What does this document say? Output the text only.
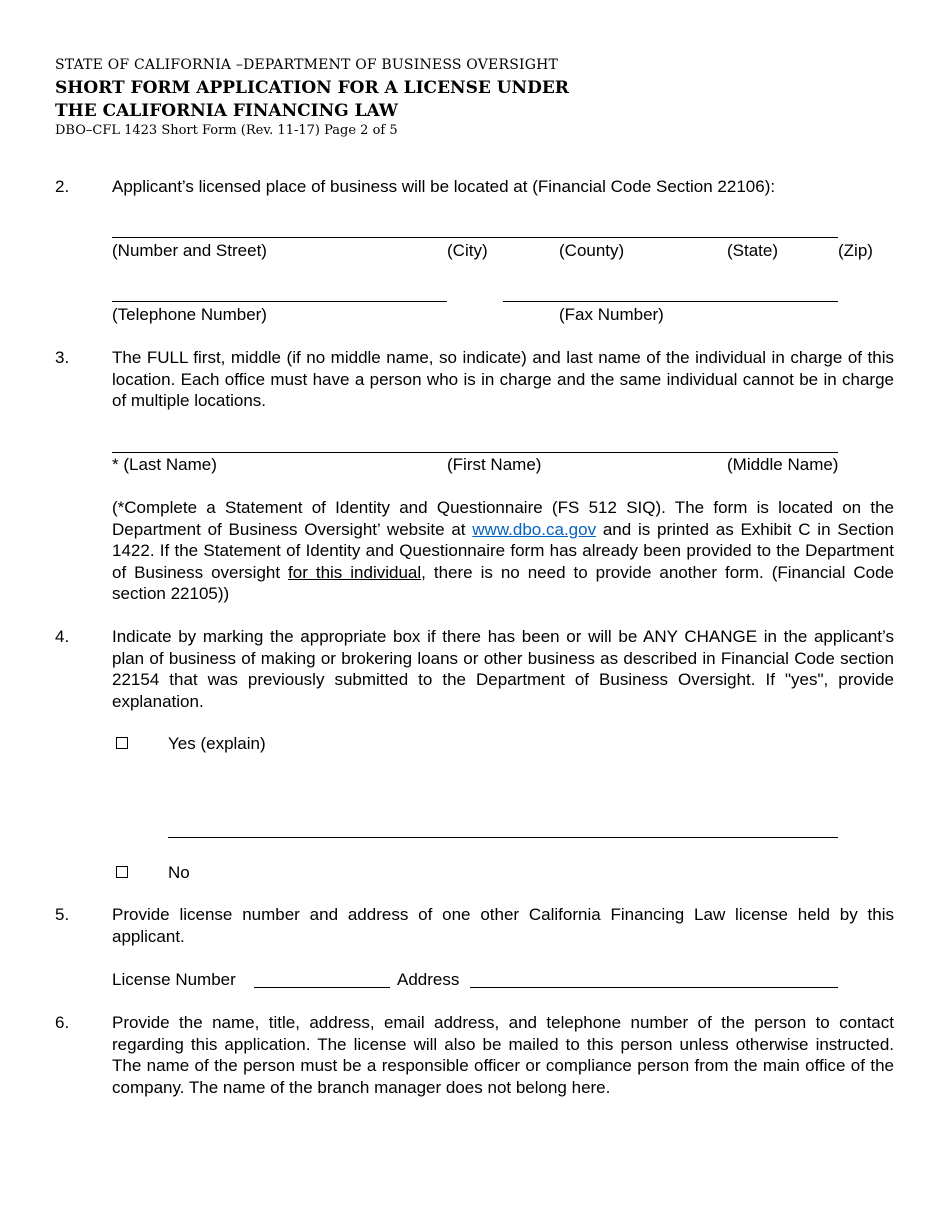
STATE OF CALIFORNIA –DEPARTMENT OF BUSINESS OVERSIGHT
SHORT FORM APPLICATION FOR A LICENSE UNDER
THE CALIFORNIA FINANCING LAW
DBO–CFL 1423 Short Form (Rev. 11-17) Page 2 of 5
2.	Applicant’s licensed place of business will be located at (Financial Code Section 22106):
(Number and Street)	(City)	(County)	(State)	(Zip)
(Telephone Number)	(Fax Number)
3.	The FULL first, middle (if no middle name, so indicate) and last name of the individual in charge of this location. Each office must have a person who is in charge and the same individual cannot be in charge of multiple locations.
* (Last Name)	(First Name)	(Middle Name)
(*Complete a Statement of Identity and Questionnaire (FS 512 SIQ). The form is located on the Department of Business Oversight’ website at www.dbo.ca.gov and is printed as Exhibit C in Section 1422. If the Statement of Identity and Questionnaire form has already been provided to the Department of Business oversight for this individual, there is no need to provide another form. (Financial Code section 22105))
4.	Indicate by marking the appropriate box if there has been or will be ANY CHANGE in the applicant’s plan of business of making or brokering loans or other business as described in Financial Code section 22154 that was previously submitted to the Department of Business Oversight. If "yes", provide explanation.
Yes (explain)
No
5.	Provide license number and address of one other California Financing Law license held by this applicant.
License Number	Address
6.	Provide the name, title, address, email address, and telephone number of the person to contact regarding this application. The license will also be mailed to this person unless otherwise instructed. The name of the person must be a responsible officer or compliance person from the main office of the company. The name of the branch manager does not belong here.
